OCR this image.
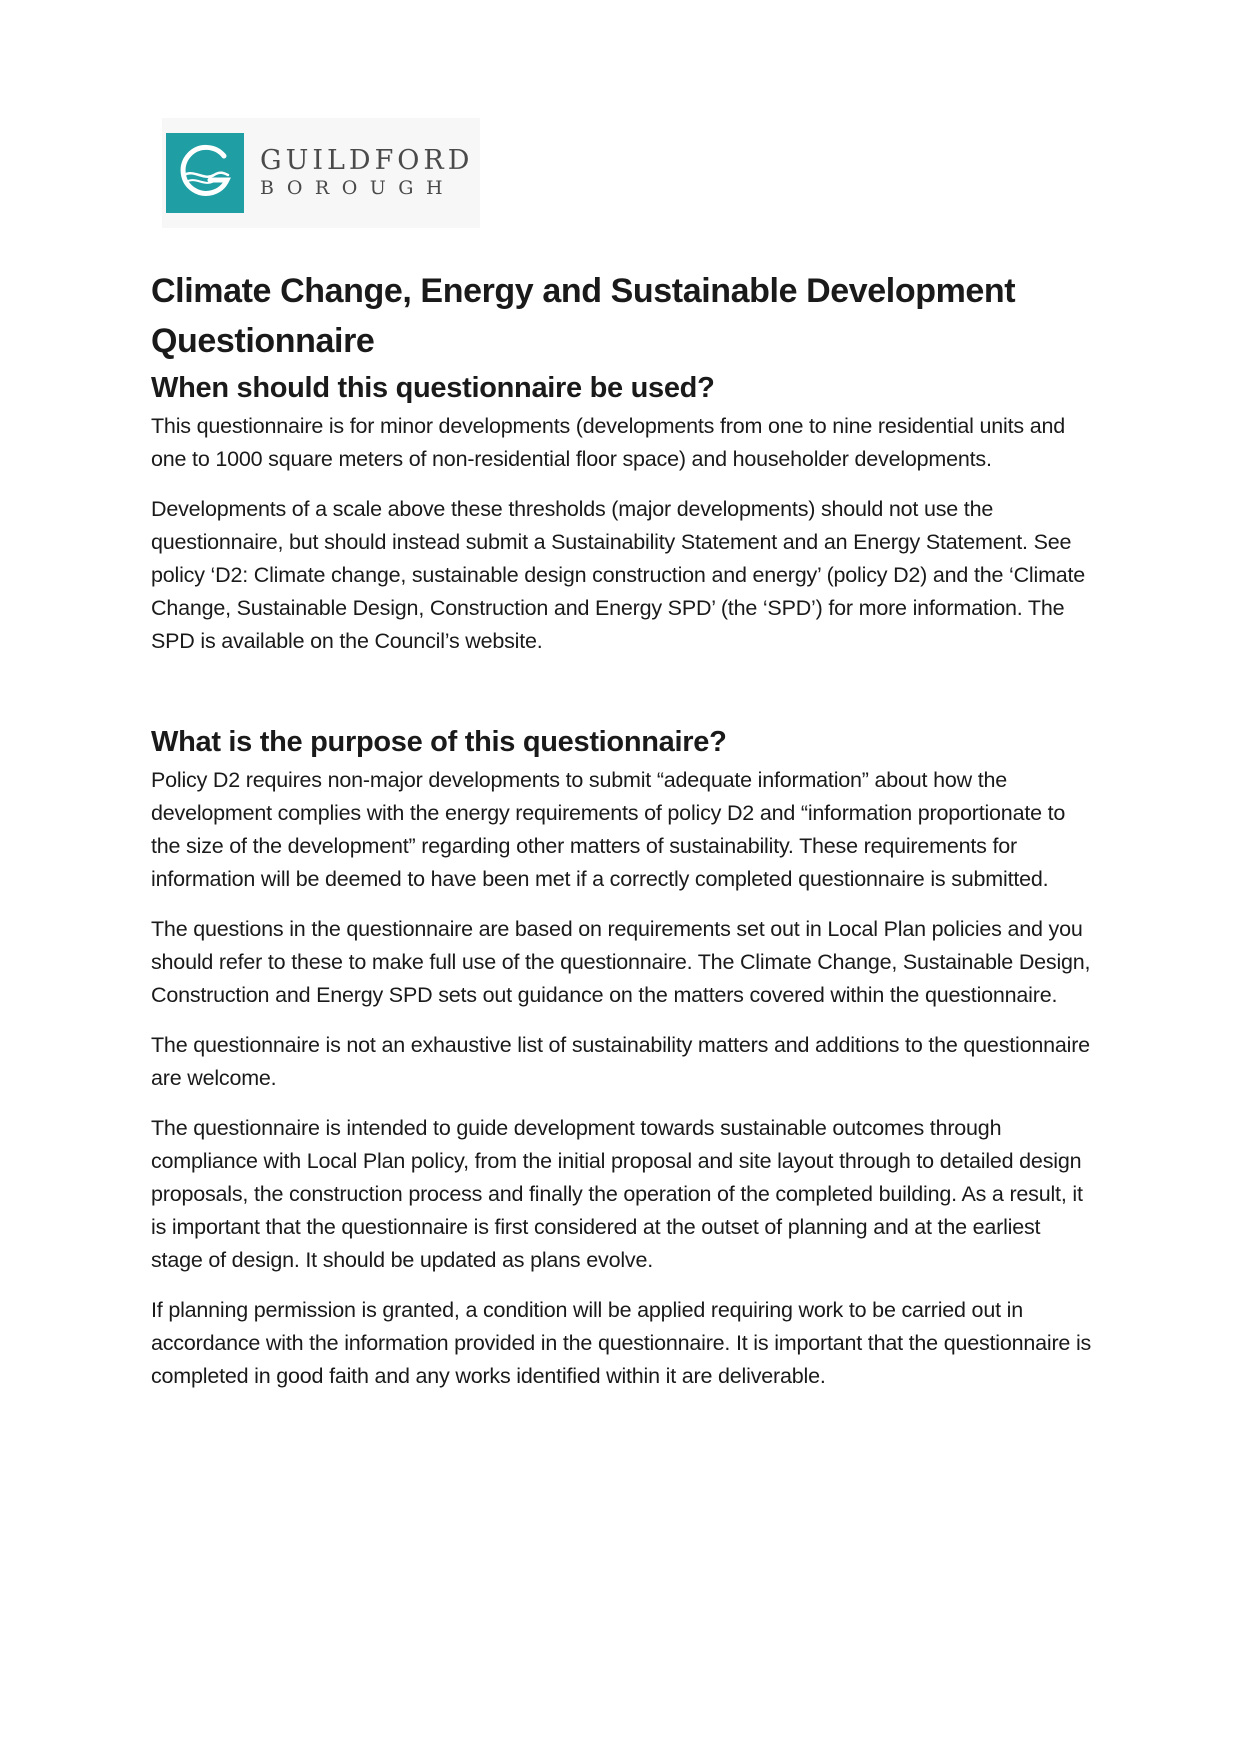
GUILDFORD
BOROUGH
Climate Change, Energy and Sustainable Development Questionnaire
When should this questionnaire be used?

This questionnaire is for minor developments (developments from one to nine residential units and one to 1000 square meters of non-residential floor space) and householder developments.

Developments of a scale above these thresholds (major developments) should not use the questionnaire, but should instead submit a Sustainability Statement and an Energy Statement. See policy ‘D2: Climate change, sustainable design construction and energy’ (policy D2) and the ‘Climate Change, Sustainable Design, Construction and Energy SPD’ (the ‘SPD’) for more information. The SPD is available on the Council’s website.

What is the purpose of this questionnaire?

Policy D2 requires non-major developments to submit “adequate information” about how the development complies with the energy requirements of policy D2 and “information proportionate to the size of the development” regarding other matters of sustainability. These requirements for information will be deemed to have been met if a correctly completed questionnaire is submitted.

The questions in the questionnaire are based on requirements set out in Local Plan policies and you should refer to these to make full use of the questionnaire. The Climate Change, Sustainable Design, Construction and Energy SPD sets out guidance on the matters covered within the questionnaire.

The questionnaire is not an exhaustive list of sustainability matters and additions to the questionnaire are welcome.

The questionnaire is intended to guide development towards sustainable outcomes through compliance with Local Plan policy, from the initial proposal and site layout through to detailed design proposals, the construction process and finally the operation of the completed building. As a result, it is important that the questionnaire is first considered at the outset of planning and at the earliest stage of design. It should be updated as plans evolve.

If planning permission is granted, a condition will be applied requiring work to be carried out in accordance with the information provided in the questionnaire. It is important that the questionnaire is completed in good faith and any works identified within it are deliverable.
